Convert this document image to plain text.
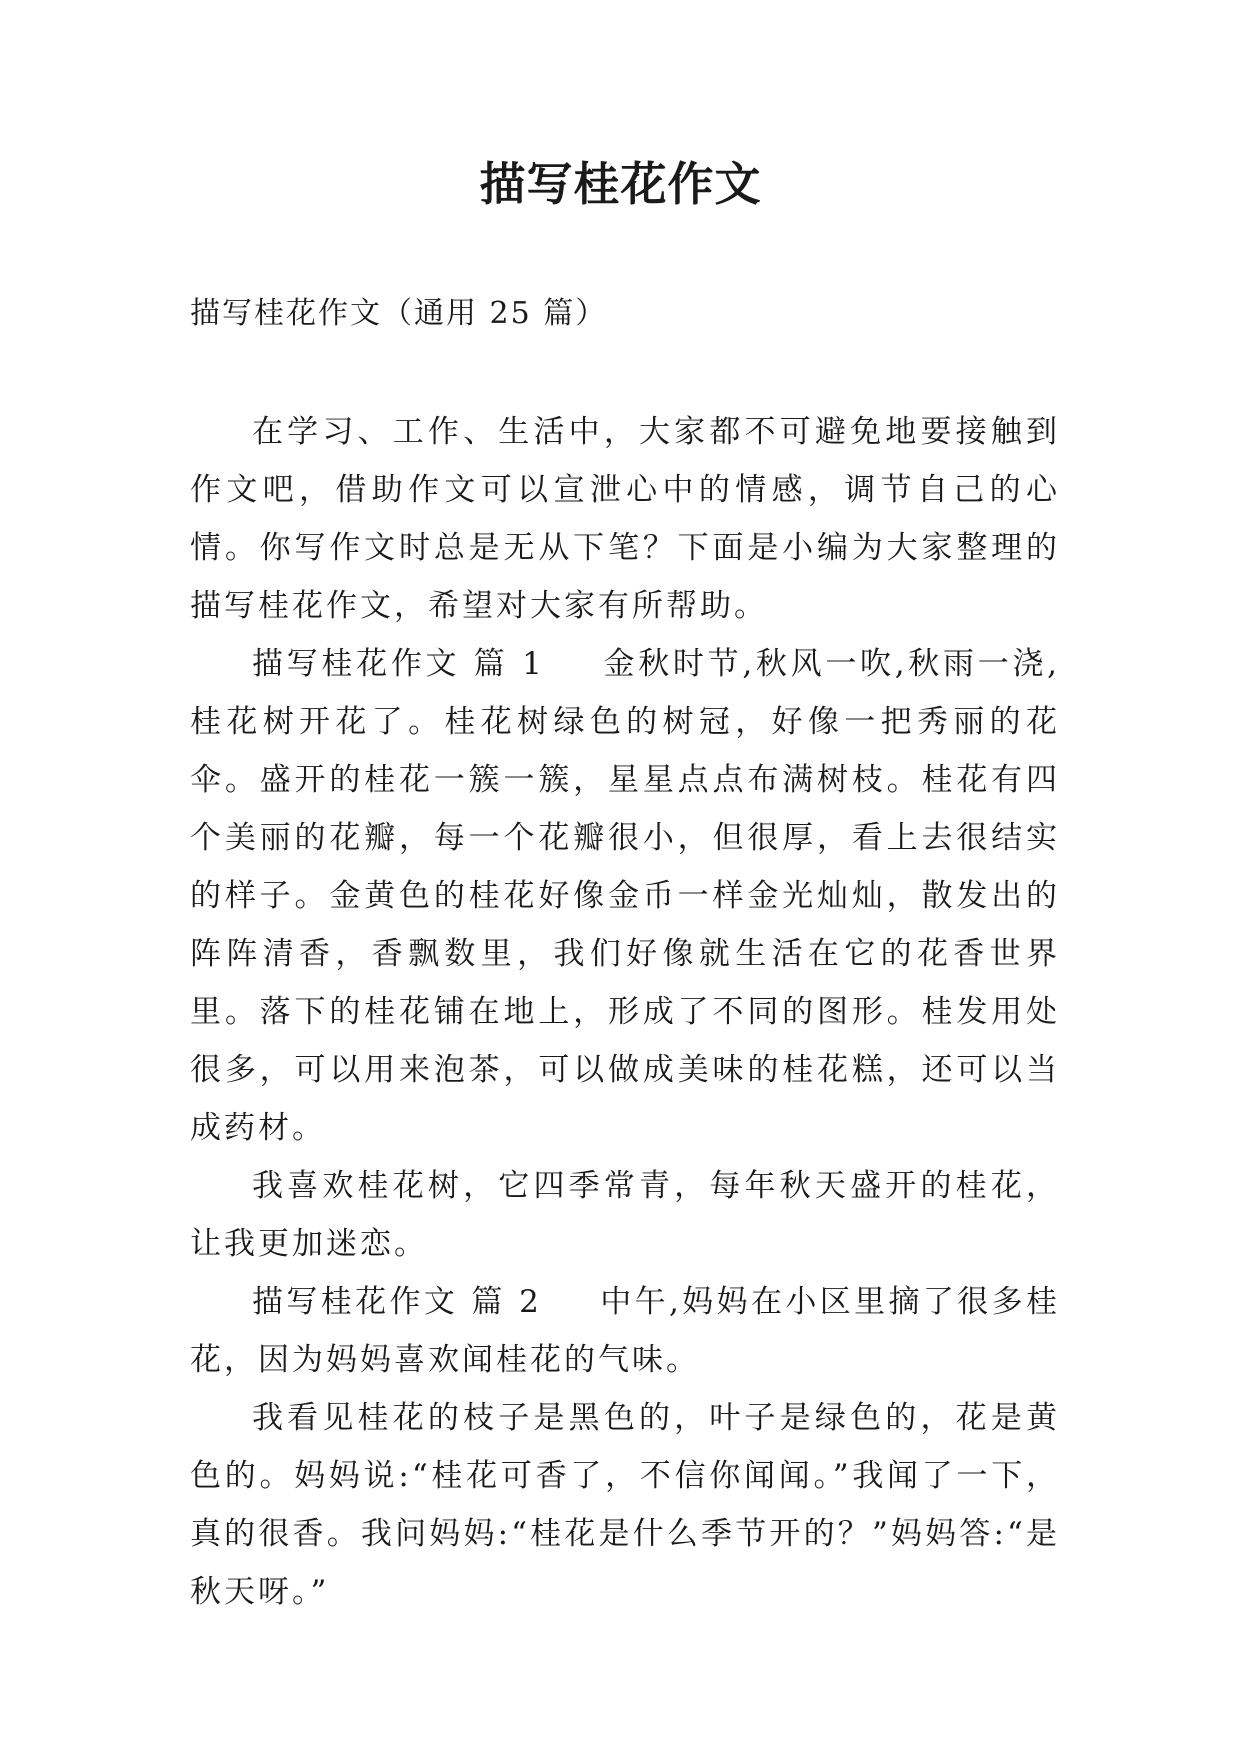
描写桂花作文

描写桂花作文（通用 25 篇）

在学习、工作、生活中，大家都不可避免地要接触到作文吧，借助作文可以宣泄心中的情感，调节自己的心情。你写作文时总是无从下笔？下面是小编为大家整理的描写桂花作文，希望对大家有所帮助。

描写桂花作文 篇 1 金秋时节,秋风一吹,秋雨一浇,桂花树开花了。桂花树绿色的树冠，好像一把秀丽的花伞。盛开的桂花一簇一簇，星星点点布满树枝。桂花有四个美丽的花瓣，每一个花瓣很小，但很厚，看上去很结实的样子。金黄色的桂花好像金币一样金光灿灿，散发出的阵阵清香，香飘数里，我们好像就生活在它的花香世界里。落下的桂花铺在地上，形成了不同的图形。桂发用处很多，可以用来泡茶，可以做成美味的桂花糕，还可以当成药材。

我喜欢桂花树，它四季常青，每年秋天盛开的桂花，让我更加迷恋。

描写桂花作文 篇 2 中午,妈妈在小区里摘了很多桂花，因为妈妈喜欢闻桂花的气味。

我看见桂花的枝子是黑色的，叶子是绿色的，花是黄色的。妈妈说:“桂花可香了，不信你闻闻。”我闻了一下，真的很香。我问妈妈:“桂花是什么季节开的？”妈妈答:“是秋天呀。”
